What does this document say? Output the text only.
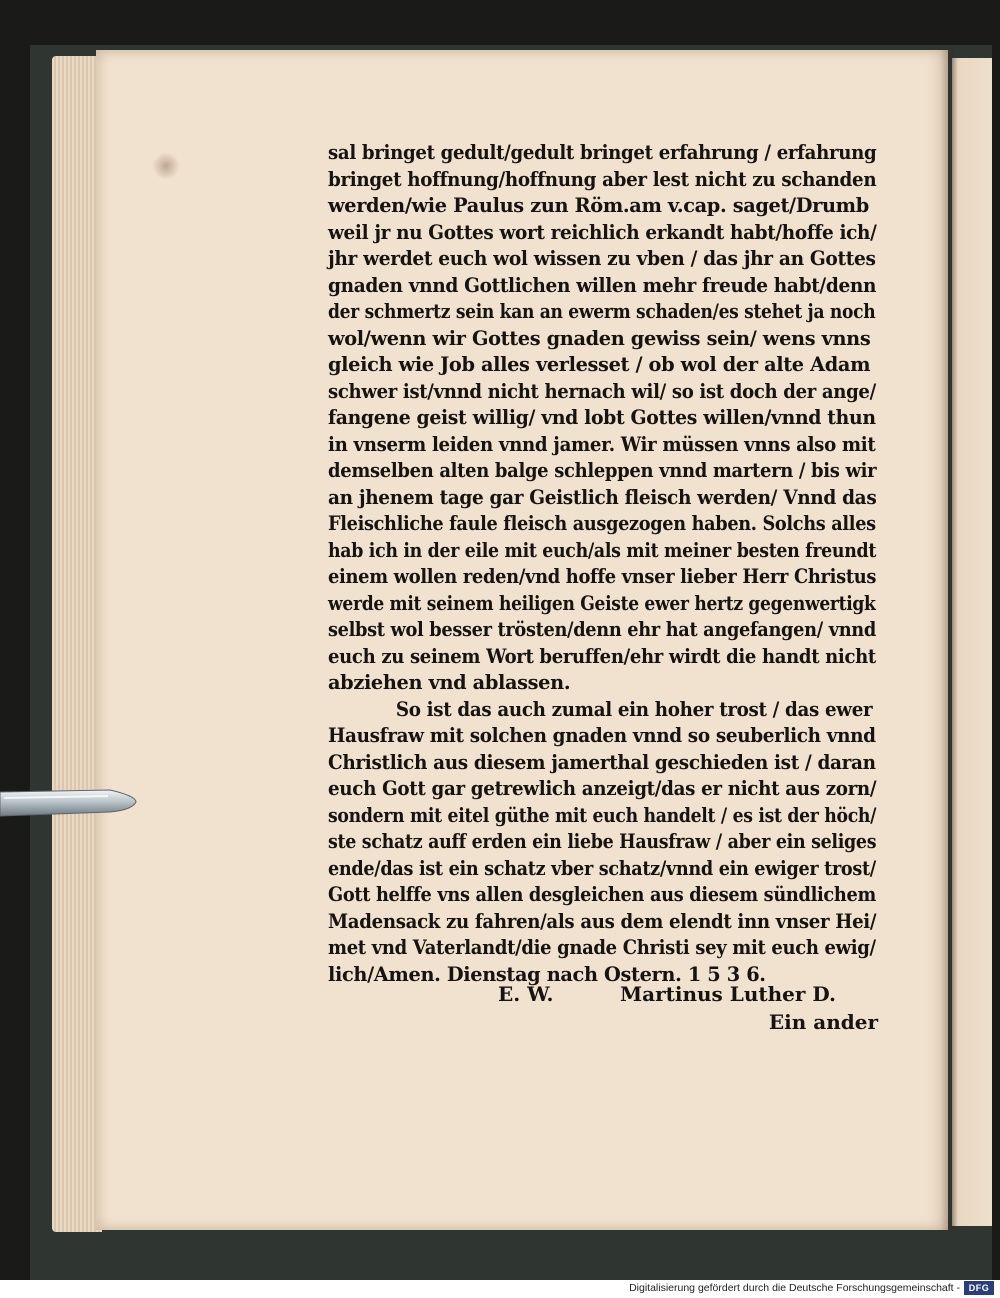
sal bringet gedult/gedult bringet erfahrung / erfahrung
bringet hoffnung/hoffnung aber lest nicht zu schanden
werden/wie Paulus zun Röm.am v.cap. saget/Drumb
weil jr nu Gottes wort reichlich erkandt habt/hoffe ich/
jhr werdet euch wol wissen zu vben / das jhr an Gottes
gnaden vnnd Gottlichen willen mehr freude habt/denn
der schmertz sein kan an ewerm schaden/es stehet ja noch
wol/wenn wir Gottes gnaden gewiss sein/ wens vnns
gleich wie Job alles verlesset / ob wol der alte Adam
schwer ist/vnnd nicht hernach wil/ so ist doch der ange/
fangene geist willig/ vnd lobt Gottes willen/vnnd thun
in vnserm leiden vnnd jamer. Wir müssen vnns also mit
demselben alten balge schleppen vnnd martern / bis wir
an jhenem tage gar Geistlich fleisch werden/ Vnnd das
Fleischliche faule fleisch ausgezogen haben. Solchs alles
hab ich in der eile mit euch/als mit meiner besten freundt
einem wollen reden/vnd hoffe vnser lieber Herr Christus
werde mit seinem heiligen Geiste ewer hertz gegenwertigk
selbst wol besser trösten/denn ehr hat angefangen/ vnnd
euch zu seinem Wort beruffen/ehr wirdt die handt nicht
abziehen vnd ablassen.
So ist das auch zumal ein hoher trost / das ewer
Hausfraw mit solchen gnaden vnnd so seuberlich vnnd
Christlich aus diesem jamerthal geschieden ist / daran
euch Gott gar getrewlich anzeigt/das er nicht aus zorn/
sondern mit eitel güthe mit euch handelt / es ist der höch/
ste schatz auff erden ein liebe Hausfraw / aber ein seliges
ende/das ist ein schatz vber schatz/vnnd ein ewiger trost/
Gott helffe vns allen desgleichen aus diesem sündlichem
Madensack zu fahren/als aus dem elendt inn vnser Hei/
met vnd Vaterlandt/die gnade Christi sey mit euch ewig/
lich/Amen. Dienstag nach Ostern. 1 5 3 6.
E. W.	Martinus Luther D.
Ein ander
Digitalisierung gefördert durch die Deutsche Forschungsgemeinschaft - DFG
